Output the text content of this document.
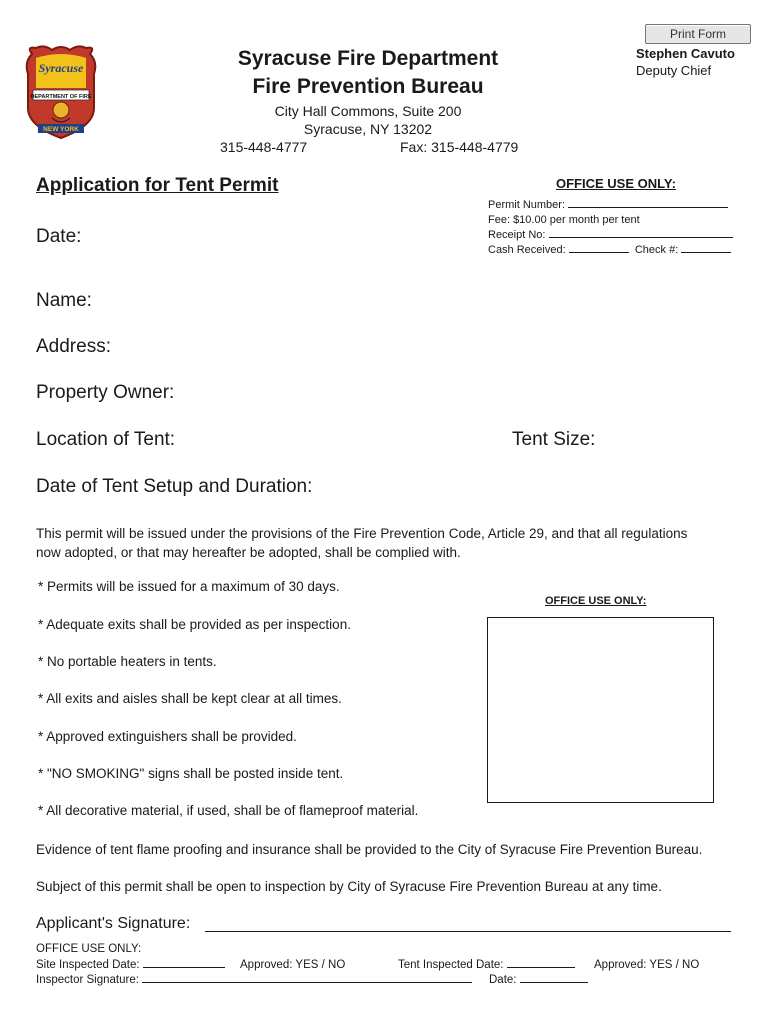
Print Form
Syracuse
DEPARTMENT OF FIRE
NEW YORK
Syracuse Fire Department
Fire Prevention Bureau
City Hall Commons, Suite 200
Syracuse, NY 13202
315-448-4777	Fax: 315-448-4779
Stephen Cavuto
Deputy Chief
Application for Tent Permit	OFFICE USE ONLY:
Permit Number:
Fee: $10.00 per month per tent
Receipt No:
Cash Received:	Check #:
Date:
Name:
Address:
Property Owner:
Location of Tent:	Tent Size:
Date of Tent Setup and Duration:
This permit will be issued under the provisions of the Fire Prevention Code, Article 29, and that all regulations
now adopted, or that may hereafter be adopted, shall be complied with.
* Permits will be issued for a maximum of 30 days.
* Adequate exits shall be provided as per inspection.
* No portable heaters in tents.
* All exits and aisles shall be kept clear at all times.
* Approved extinguishers shall be provided.
* "NO SMOKING" signs shall be posted inside tent.
* All decorative material, if used, shall be of flameproof material.
OFFICE USE ONLY:
Evidence of tent flame proofing and insurance shall be provided to the City of Syracuse Fire Prevention Bureau.
Subject of this permit shall be open to inspection by City of Syracuse Fire Prevention Bureau at any time.
Applicant's Signature:
OFFICE USE ONLY:
Site Inspected Date:	Approved: YES / NO	Tent Inspected Date:	Approved: YES / NO
Inspector Signature:	Date:
